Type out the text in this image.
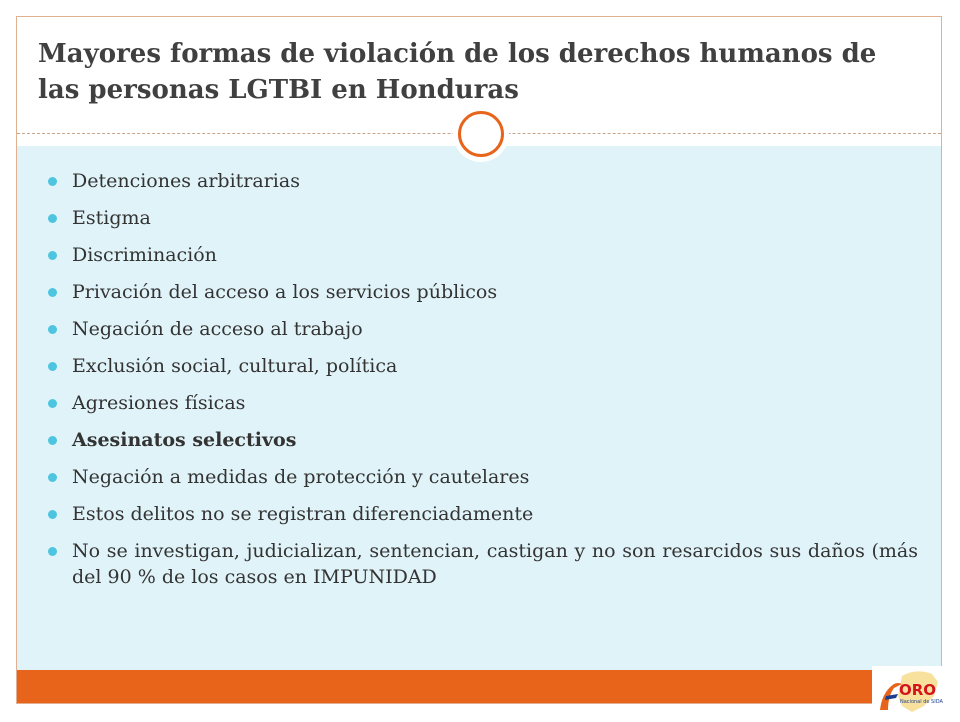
Mayores formas de violación de los derechos humanos de las personas LGTBI en Honduras
Detenciones arbitrarias
Estigma
Discriminación
Privación del acceso a los servicios públicos
Negación de acceso al trabajo
Exclusión social, cultural, política
Agresiones físicas
Asesinatos selectivos
Negación a medidas de protección y cautelares
Estos delitos no se registran diferenciadamente
No se investigan, judicializan, sentencian, castigan y no son resarcidos sus daños (más del 90 % de los casos en IMPUNIDAD
ORO
Nacional de SIDA
